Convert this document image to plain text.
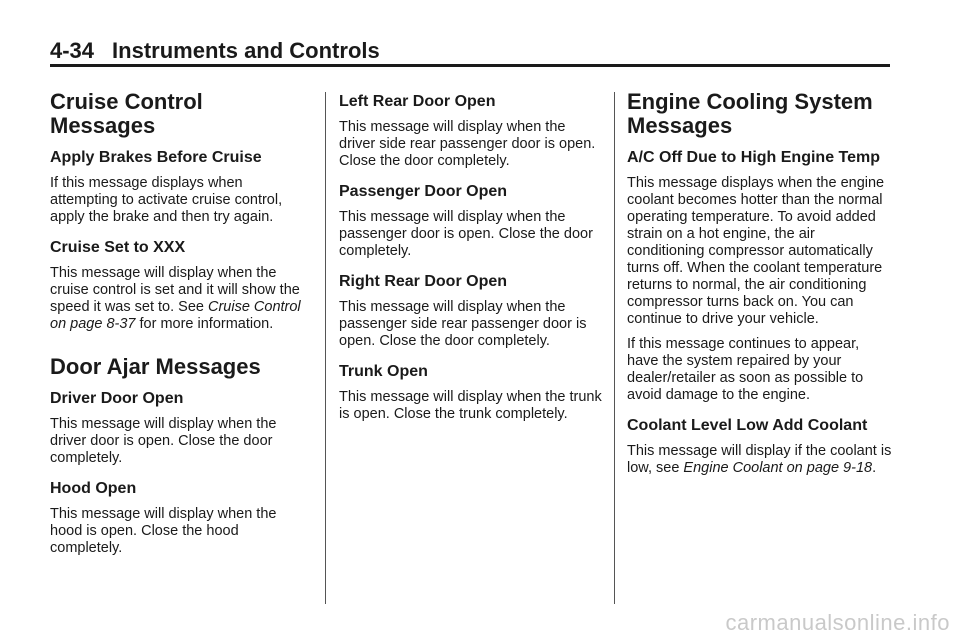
4-34 Instruments and Controls
Cruise Control Messages
Apply Brakes Before Cruise

If this message displays when attempting to activate cruise control, apply the brake and then try again.

Cruise Set to XXX

This message will display when the cruise control is set and it will show the speed it was set to. See Cruise Control on page 8-37 for more information.

Door Ajar Messages
Driver Door Open

This message will display when the driver door is open. Close the door completely.

Hood Open

This message will display when the hood is open. Close the hood completely.

Left Rear Door Open

This message will display when the driver side rear passenger door is open. Close the door completely.

Passenger Door Open

This message will display when the passenger door is open. Close the door completely.

Right Rear Door Open

This message will display when the passenger side rear passenger door is open. Close the door completely.

Trunk Open

This message will display when the trunk is open. Close the trunk completely.

Engine Cooling System Messages
A/C Off Due to High Engine Temp

This message displays when the engine coolant becomes hotter than the normal operating temperature. To avoid added strain on a hot engine, the air conditioning compressor automatically turns off. When the coolant temperature returns to normal, the air conditioning compressor turns back on. You can continue to drive your vehicle.

If this message continues to appear, have the system repaired by your dealer/retailer as soon as possible to avoid damage to the engine.

Coolant Level Low Add Coolant

This message will display if the coolant is low, see Engine Coolant on page 9-18.

carmanualsonline.info
